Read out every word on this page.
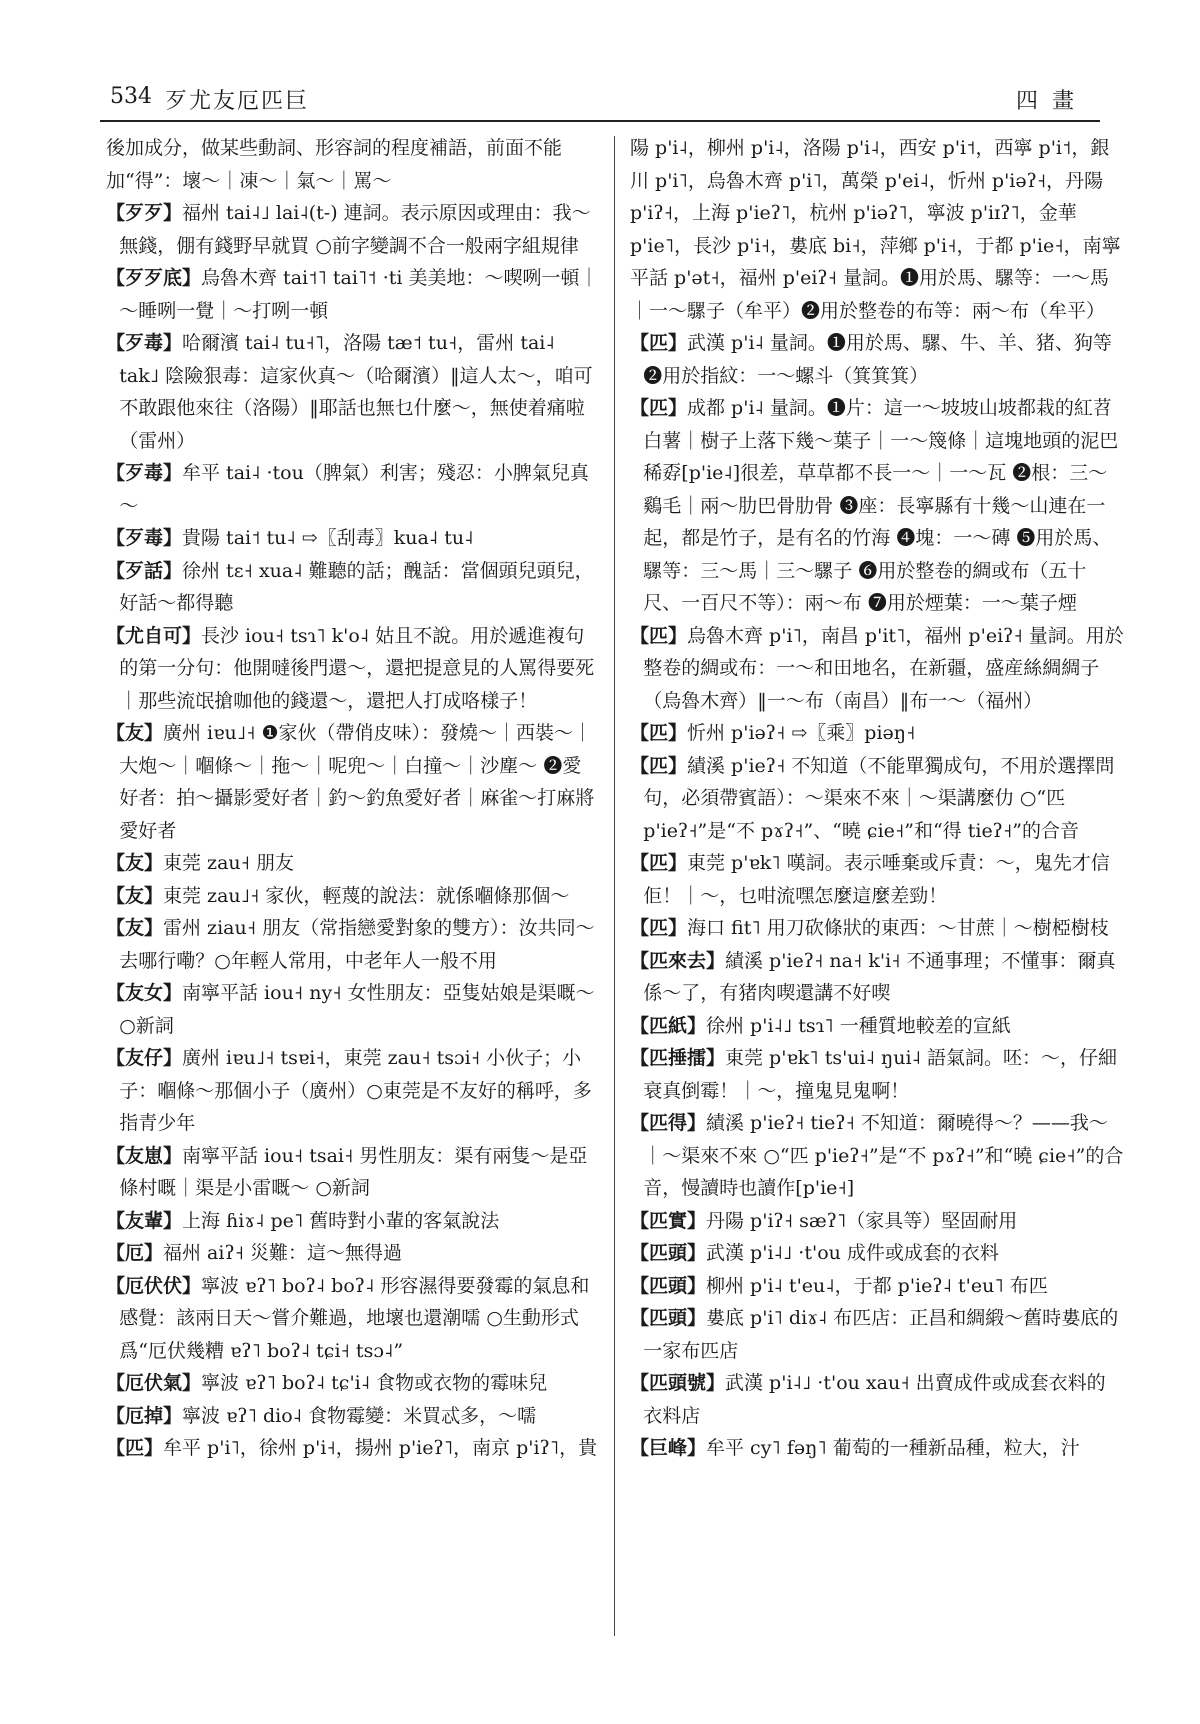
534 歹尤友厄匹巨	四畫
後加成分，做某些動詞、形容詞的程度補語，前面不能加“得”：壞～｜凍～｜氣～｜罵～
【歹歹】福州 tai˨˩ lai˨(t-) 連詞。表示原因或理由：我～無錢，倗有錢野早就買 ○前字變調不合一般兩字組規律
【歹歹底】烏魯木齊 tai˦˥ tai˥˦ ·ti 美美地：～喫咧一頓｜～睡咧一覺｜～打咧一頓
【歹毒】哈爾濱 tai˨ tu˧˥，洛陽 tæ˦ tu˧，雷州 tai˨ tak˩ 陰險狠毒：這家伙真～（哈爾濱）‖這人太～，咱可不敢跟他來往（洛陽）‖耶話也無乜什麼～，無使着痛啦（雷州）
【歹毒】牟平 tai˨ ·tou（脾氣）利害；殘忍：小脾氣兒真～
【歹毒】貴陽 tai˦ tu˨ ⇨〖刮毒〗kua˨ tu˨
【歹話】徐州 tɛ˧ xua˨ 難聽的話；醜話：當個頭兒頭兒，好話～都得聽
【尤自可】長沙 iou˧ tsɿ˥ k'o˨ 姑且不說。用於遞進複句的第一分句：他開噠後門還～，還把提意見的人罵得要死｜那些流氓搶咖他的錢還～，還把人打成咯樣子！
【友】廣州 iɐu˩˧ ❶家伙（帶俏皮味）：發燒～｜西裝～｜大炮～｜嗰條～｜拖～｜呢兜～｜白撞～｜沙塵～ ❷愛好者：拍～攝影愛好者｜釣～釣魚愛好者｜麻雀～打麻將愛好者
【友】東莞 zau˧ 朋友
【友】東莞 zau˩˧ 家伙，輕蔑的說法：就係嗰條那個～
【友】雷州 ziau˧ 朋友（常指戀愛對象的雙方）：汝共同～去哪行嘞？○年輕人常用，中老年人一般不用
【友女】南寧平話 iou˧ ny˧ 女性朋友：亞隻姑娘是渠嘅～ ○新詞
【友仔】廣州 iɐu˩˧ tsɐi˧，東莞 zau˧ tsɔi˧ 小伙子；小子：嗰條～那個小子（廣州）○東莞是不友好的稱呼，多指青少年
【友崽】南寧平話 iou˧ tsai˧ 男性朋友：渠有兩隻～是亞條村嘅｜渠是小雷嘅～ ○新詞
【友輩】上海 ɦiɤ˨ pe˥ 舊時對小輩的客氣說法
【厄】福州 aiʔ˧ 災難：這～無得過
【厄伏伏】寧波 ɐʔ˥ boʔ˨ boʔ˨ 形容濕得要發霉的氣息和感覺：該兩日天～嘗介難過，地壞也還潮嚅 ○生動形式爲“厄伏幾糟 ɐʔ˥ boʔ˨ tɕi˧ tsɔ˨”
【厄伏氣】寧波 ɐʔ˥ boʔ˨ tɕ'i˨ 食物或衣物的霉味兒
【厄掉】寧波 ɐʔ˥ dio˨ 食物霉變：米買忒多，～嚅
【匹】牟平 p'i˥，徐州 p'i˧，揚州 p'ieʔ˥，南京 p'iʔ˥，貴
陽 p'i˨，柳州 p'i˨，洛陽 p'i˨，西安 p'i˦，西寧 p'i˦，銀川 p'i˥，烏魯木齊 p'i˥，萬榮 p'ei˨，忻州 p'iəʔ˧，丹陽 p'iʔ˧，上海 p'ieʔ˥，杭州 p'iəʔ˥，寧波 p'iɪʔ˥，金華 p'ie˥，長沙 p'i˧，婁底 bi˧，萍鄉 p'i˧，于都 p'ie˧，南寧平話 p'ət˧，福州 p'eiʔ˧ 量詞。❶用於馬、騾等：一～馬｜一～騾子（牟平）❷用於整卷的布等：兩～布（牟平）
【匹】武漢 p'i˨ 量詞。❶用於馬、騾、牛、羊、猪、狗等 ❷用於指紋：一～螺斗（箕箕箕）
【匹】成都 p'i˨ 量詞。❶片：這一～坡坡山坡都栽的紅苕白薯｜樹子上落下幾～葉子｜一～篾條｜這塊地頭的泥巴稀孬[p'ie˨]很差，草草都不長一～｜一～瓦 ❷根：三～鷄毛｜兩～肋巴骨肋骨 ❸座：長寧縣有十幾～山連在一起，都是竹子，是有名的竹海 ❹塊：一～磚 ❺用於馬、騾等：三～馬｜三～騾子 ❻用於整卷的綢或布（五十尺、一百尺不等）：兩～布 ❼用於煙葉：一～葉子煙
【匹】烏魯木齊 p'i˥，南昌 p'it˥，福州 p'eiʔ˧ 量詞。用於整卷的綢或布：一～和田地名，在新疆，盛産絲綢綢子（烏魯木齊）‖一～布（南昌）‖布一～（福州）
【匹】忻州 p'iəʔ˧ ⇨〖乘〗piəŋ˧
【匹】績溪 p'ieʔ˧ 不知道（不能單獨成句，不用於選擇問句，必須帶賓語）：～渠來不來｜～渠講麼仂 ○“匹 p'ieʔ˧”是“不 pɤʔ˧”、“曉 ɕie˧”和“得 tieʔ˧”的合音
【匹】東莞 p'ɐk˥ 嘆詞。表示唾棄或斥責：～，鬼先才信佢！｜～，乜咁流嘿怎麼這麼差勁！
【匹】海口 fit˥ 用刀砍條狀的東西：～甘蔗｜～樹椏樹枝
【匹來去】績溪 p'ieʔ˧ na˧ k'i˧ 不通事理；不懂事：爾真係～了，有猪肉喫還講不好喫
【匹紙】徐州 p'i˨˩ tsɿ˥ 一種質地較差的宣紙
【匹捶擂】東莞 p'ɐk˥ ts'ui˨ ŋui˨ 語氣詞。呸：～，仔細衰真倒霉！｜～，撞鬼見鬼啊！
【匹得】績溪 p'ieʔ˧ tieʔ˧ 不知道：爾曉得～？——我～｜～渠來不來 ○“匹 p'ieʔ˧”是“不 pɤʔ˧”和“曉 ɕie˧”的合音，慢讀時也讀作[p'ie˧]
【匹實】丹陽 p'iʔ˧ sæʔ˥（家具等）堅固耐用
【匹頭】武漢 p'i˨˩ ·t'ou 成件或成套的衣料
【匹頭】柳州 p'i˨ t'eu˨，于都 p'ieʔ˨ t'eu˥ 布匹
【匹頭】婁底 p'i˥ diɤ˨ 布匹店：正昌和綢緞～舊時婁底的一家布匹店
【匹頭號】武漢 p'i˨˩ ·t'ou xau˧ 出賣成件或成套衣料的衣料店
【巨峰】牟平 cy˥ fəŋ˥ 葡萄的一種新品種，粒大，汁
